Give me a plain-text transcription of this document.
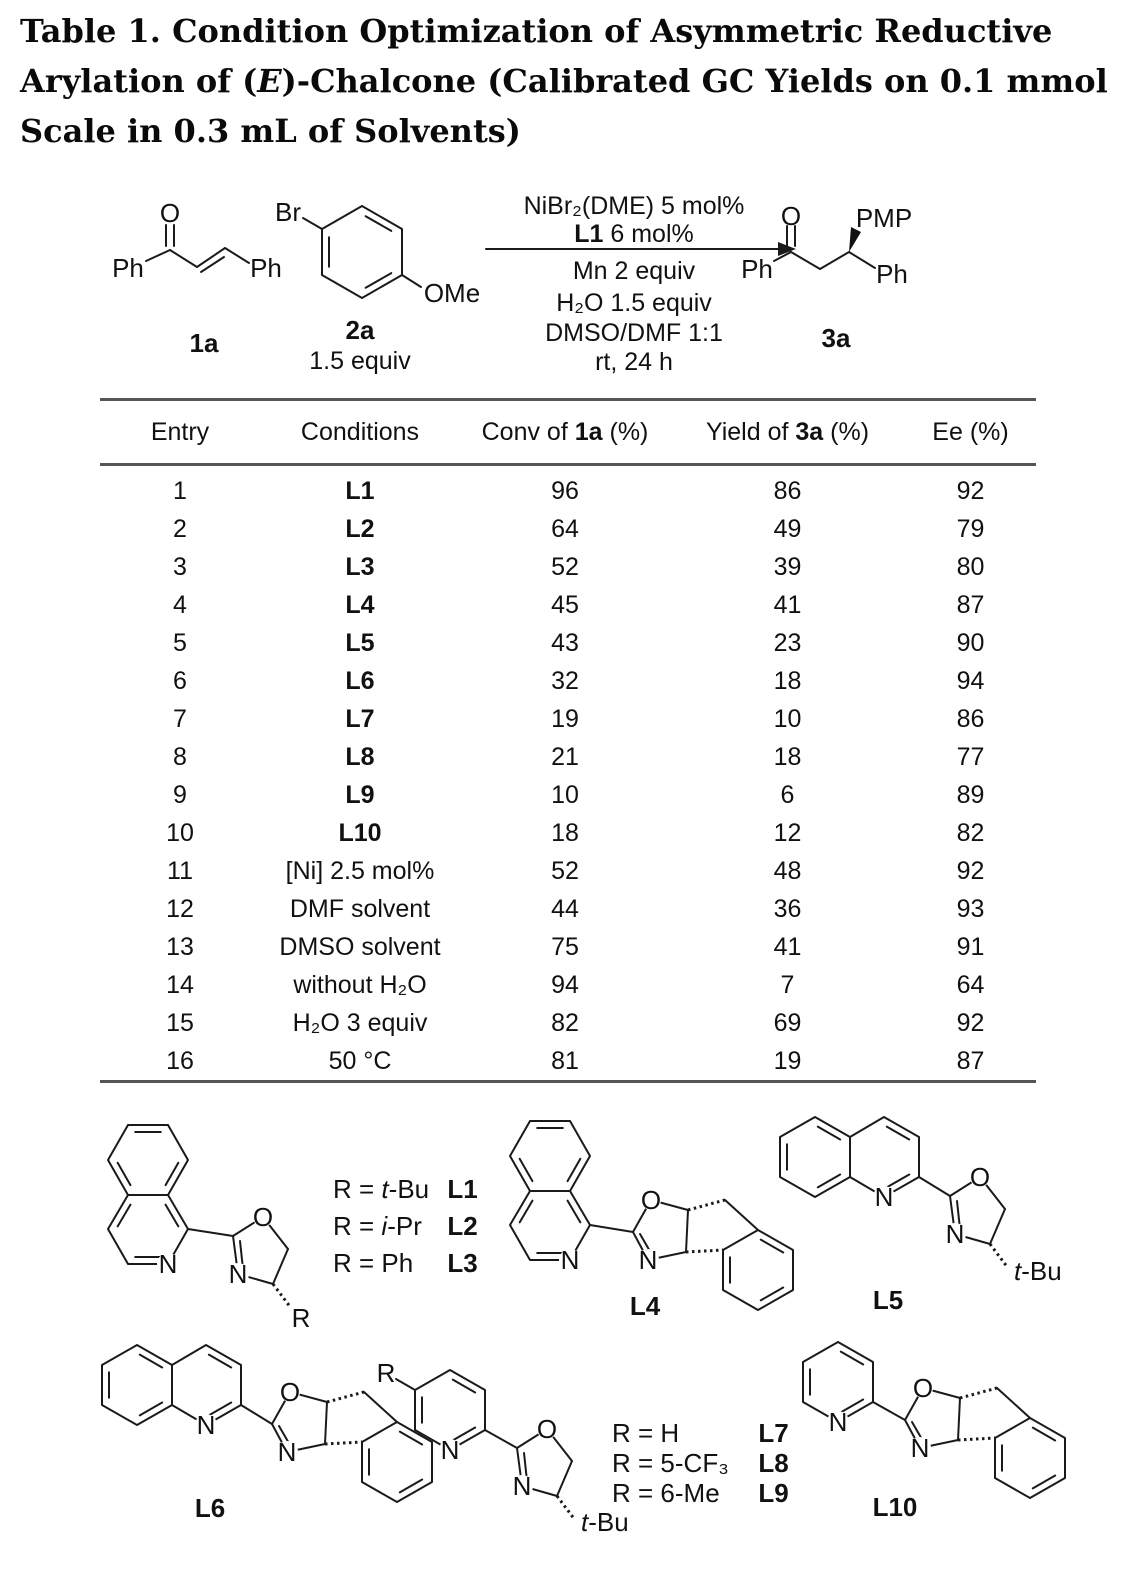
Table 1. Condition Optimization of Asymmetric Reductive Arylation of (E)-Chalcone (Calibrated GC Yields on 0.1 mmol Scale in 0.3 mL of Solvents)
Ph
O
Ph
1a
Br
OMe
2a
1.5 equiv
NiBr₂(DME) 5 mol%
L1 6 mol%
Mn 2 equiv
H₂O 1.5 equiv
DMSO/DMF 1:1
rt, 24 h
Ph
O PMP
Ph
3a
Entry	Conditions	Conv of 1a (%)	Yield of 3a (%)	Ee (%)
1	L1	96	86	92
2	L2	64	49	79
3	L3	52	39	80
4	L4	45	41	87
5	L5	43	23	90
6	L6	32	18	94
7	L7	19	10	86
8	L8	21	18	77
9	L9	10	6	89
10	L10	18	12	82
11	[Ni] 2.5 mol%	52	48	92
12	DMF solvent	44	36	93
13	DMSO solvent	75	41	91
14	without H₂O	94	7	64
15	H₂O 3 equiv	82	69	92
16	50 °C	81	19	87
N
O
N
R
N
O
N
L4
N
O
N
t-Bu
L5
N
O
N
L6
R
N
O
N
t-Bu
N
O
N
L10
R = t-Bu L1
R = i-Pr L2
R = Ph L3
R = H	L7
R = 5-CF₃ L8
R = 6-Me L9
